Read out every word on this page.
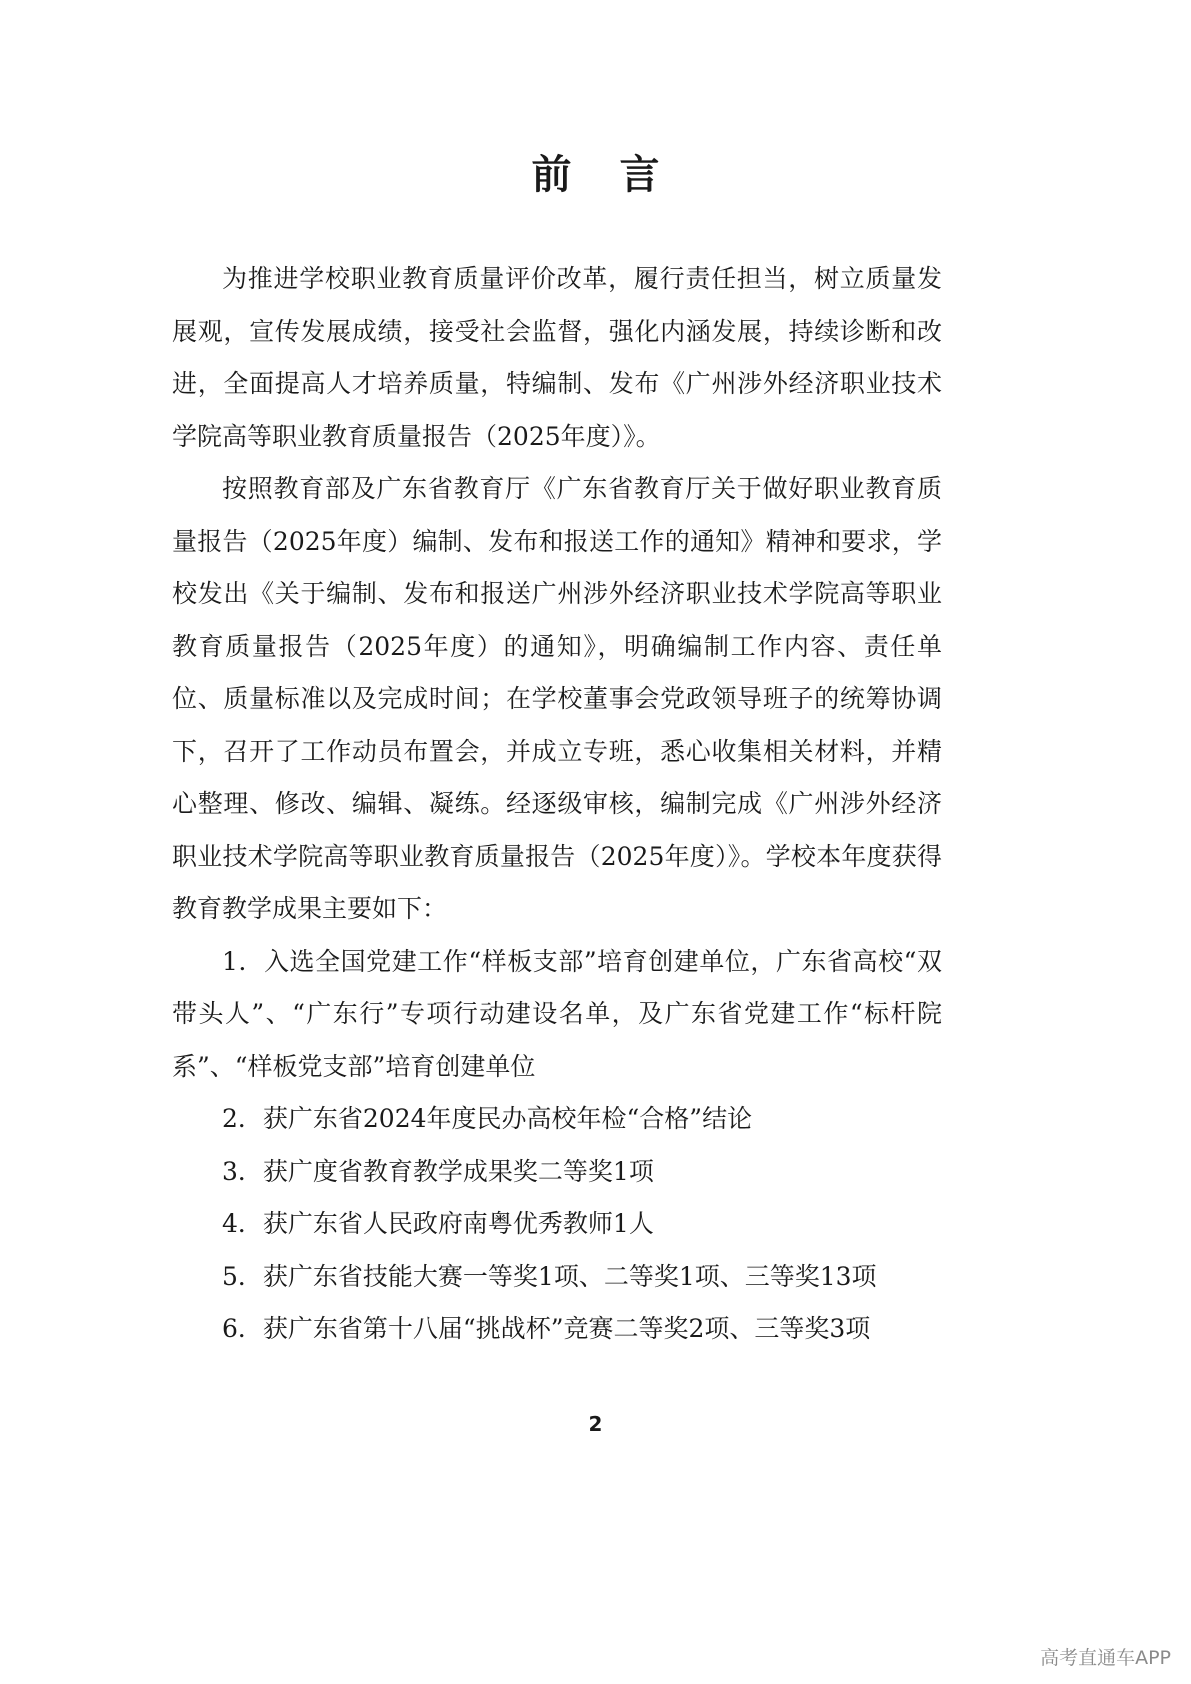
前言

为推进学校职业教育质量评价改革，履行责任担当，树立质量发展观，宣传发展成绩，接受社会监督，强化内涵发展，持续诊断和改进，全面提高人才培养质量，特编制、发布《广州涉外经济职业技术学院高等职业教育质量报告（2025年度）》。

按照教育部及广东省教育厅《广东省教育厅关于做好职业教育质量报告（2025年度）编制、发布和报送工作的通知》精神和要求，学校发出《关于编制、发布和报送广州涉外经济职业技术学院高等职业教育质量报告（2025年度）的通知》，明确编制工作内容、责任单位、质量标准以及完成时间；在学校董事会党政领导班子的统筹协调下，召开了工作动员布置会，并成立专班，悉心收集相关材料，并精心整理、修改、编辑、凝练。经逐级审核，编制完成《广州涉外经济职业技术学院高等职业教育质量报告（2025年度）》。学校本年度获得教育教学成果主要如下：

1．入选全国党建工作“样板支部”培育创建单位，广东省高校“双带头人”、“广东行”专项行动建设名单，及广东省党建工作“标杆院系”、“样板党支部”培育创建单位

2．获广东省2024年度民办高校年检“合格”结论

3．获广度省教育教学成果奖二等奖1项

4．获广东省人民政府南粤优秀教师1人

5．获广东省技能大赛一等奖1项、二等奖1项、三等奖13项

6．获广东省第十八届“挑战杯”竞赛二等奖2项、三等奖3项

2
高考直通车APP
